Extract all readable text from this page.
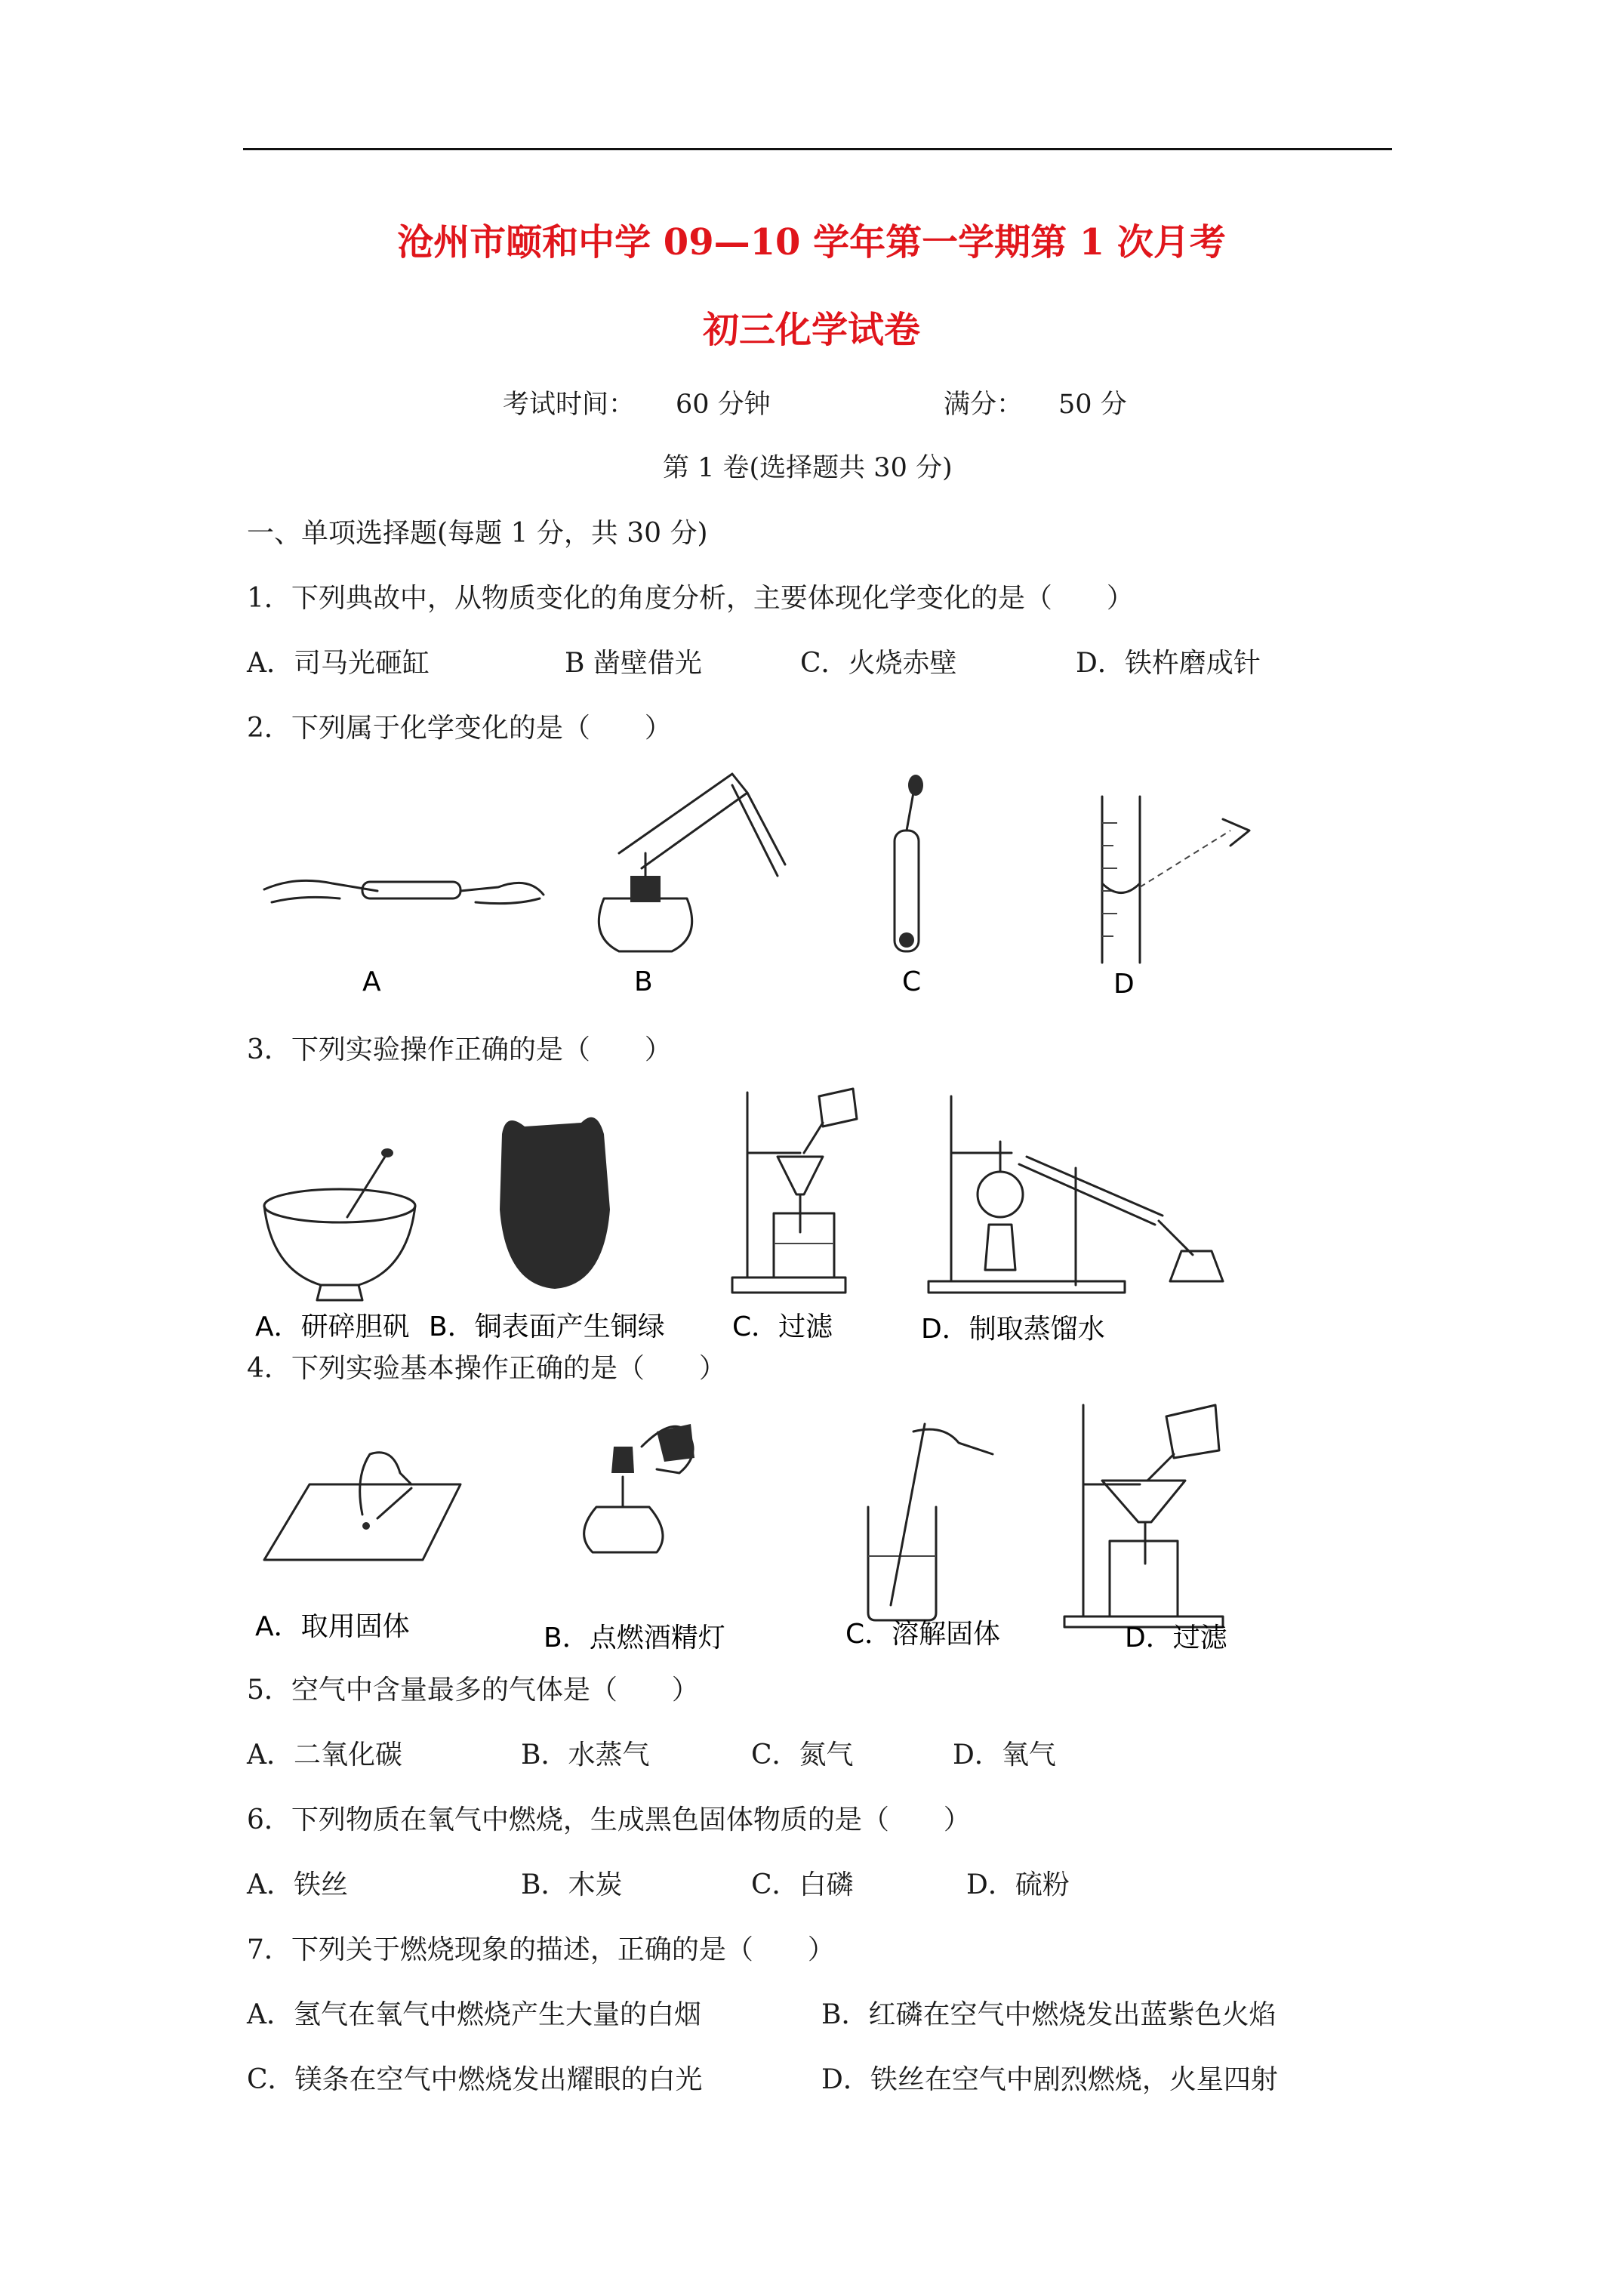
沧州市颐和中学 09—10 学年第一学期第 1 次月考
初三化学试卷
考试时间： 60 分钟	满分： 50 分
第 1 卷(选择题共 30 分)
一、单项选择题(每题 1 分，共 30 分)
1．下列典故中，从物质变化的角度分析，主要体现化学变化的是（　　）
A．司马光砸缸	B 凿壁借光	C．火烧赤壁	D．铁杵磨成针
2．下列属于化学变化的是（　　）
A	B	C	D
3．下列实验操作正确的是（　　）
A．研碎胆矾 B．铜表面产生铜绿 C．过滤	D．制取蒸馏水
4．下列实验基本操作正确的是（　　）
A．取用固体	B．点燃酒精灯	C．溶解固体	D．过滤
5．空气中含量最多的气体是（　　）
A．二氧化碳	B．水蒸气	C．氮气	D．氧气
6．下列物质在氧气中燃烧，生成黑色固体物质的是（　　）
A．铁丝	B．木炭	C．白磷	D．硫粉
7．下列关于燃烧现象的描述，正确的是（　　）
A．氢气在氧气中燃烧产生大量的白烟	B．红磷在空气中燃烧发出蓝紫色火焰
C．镁条在空气中燃烧发出耀眼的白光	D．铁丝在空气中剧烈燃烧，火星四射
